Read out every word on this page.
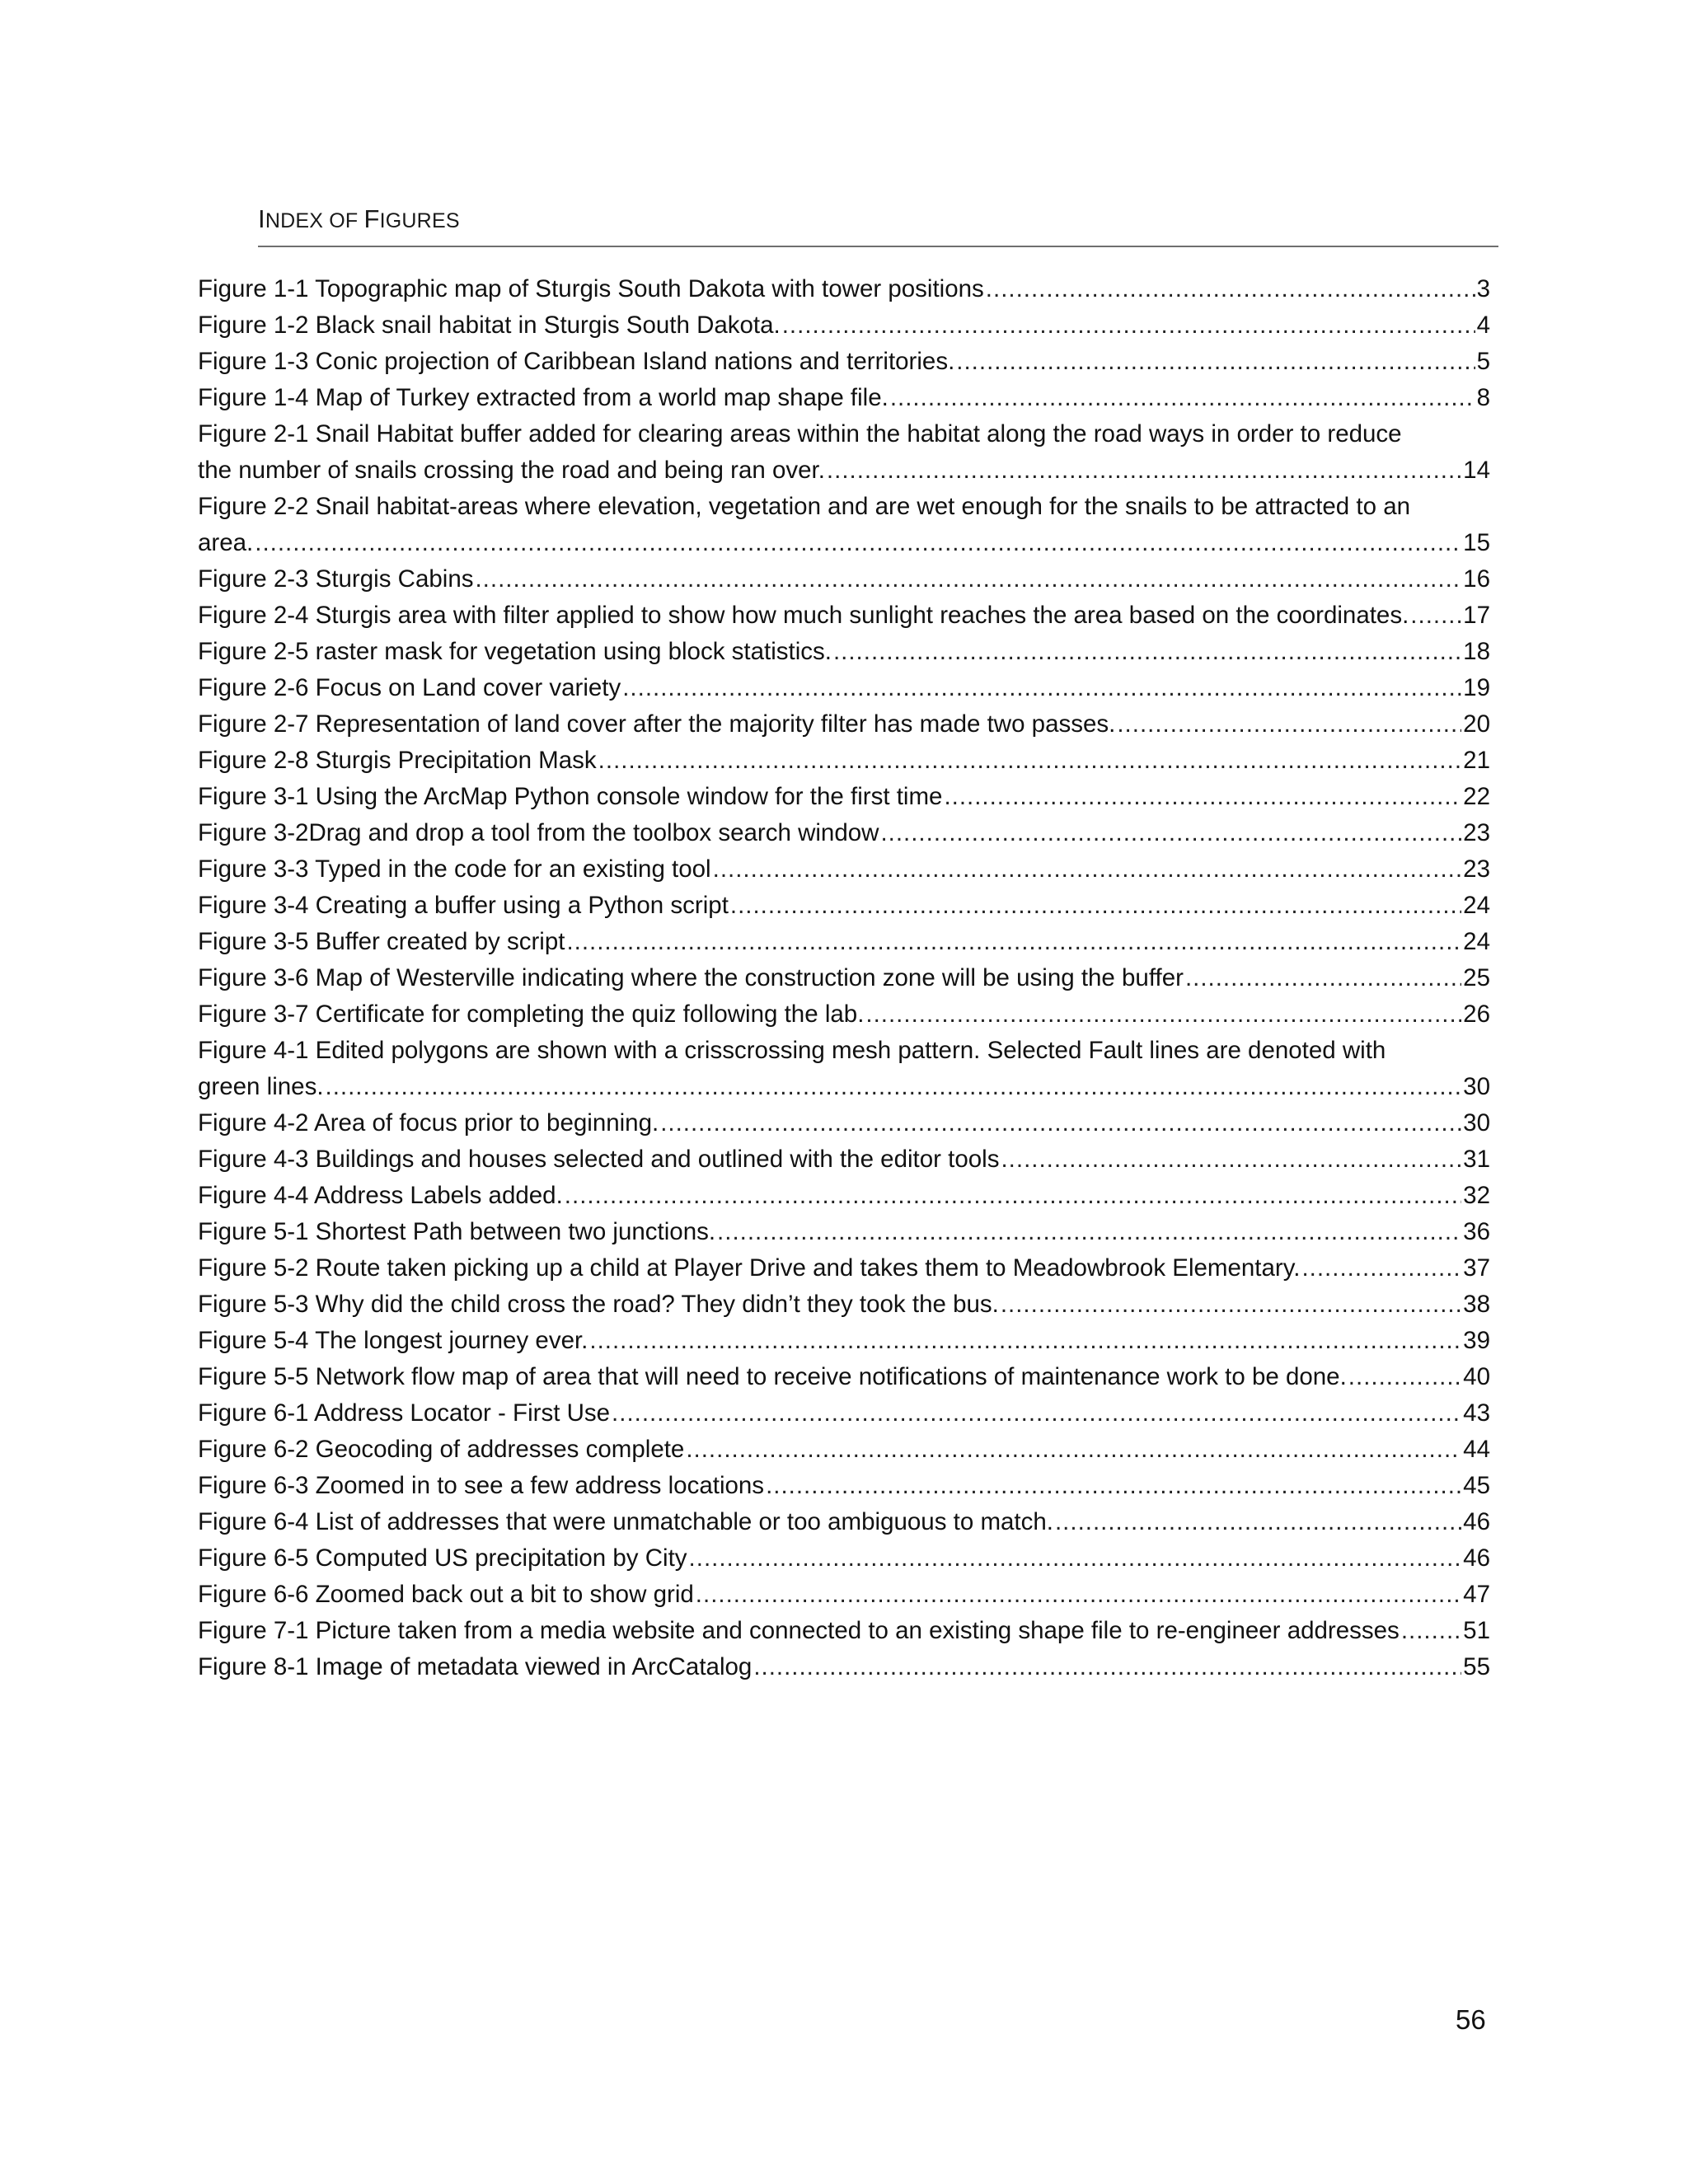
INDEX OF FIGURES
Figure 1-1 Topographic map of Sturgis South Dakota with tower positions .....	3
Figure 1-2 Black snail habitat in Sturgis South Dakota. .....	4
Figure 1-3 Conic projection of Caribbean Island nations and territories. .....	5
Figure 1-4 Map of Turkey extracted from a world map shape file. .....	8
Figure 2-1 Snail Habitat buffer added for clearing areas within the habitat along the road ways in order to reduce
the number of snails crossing the road and being ran over. .....	14
Figure 2-2 Snail habitat-areas where elevation, vegetation and are wet enough for the snails to be attracted to an
area. .....	15
Figure 2-3 Sturgis Cabins .....	16
Figure 2-4 Sturgis area with filter applied to show how much sunlight reaches the area based on the coordinates. ..... 17
Figure 2-5 raster mask for vegetation using block statistics. .....	18
Figure 2-6 Focus on Land cover variety .....	19
Figure 2-7 Representation of land cover after the majority filter has made two passes. .....	20
Figure 2-8 Sturgis Precipitation Mask .....	21
Figure 3-1 Using the ArcMap Python console window for the first time .....	22
Figure 3-2Drag and drop a tool from the toolbox search window .....	23
Figure 3-3 Typed in the code for an existing tool .....	23
Figure 3-4 Creating a buffer using a Python script .....	24
Figure 3-5 Buffer created by script .....	24
Figure 3-6 Map of Westerville indicating where the construction zone will be using the buffer .....	25
Figure 3-7 Certificate for completing the quiz following the lab. .....	26
Figure 4-1 Edited polygons are shown with a crisscrossing mesh pattern. Selected Fault lines are denoted with
green lines. .....	30
Figure 4-2 Area of focus prior to beginning. .....	30
Figure 4-3 Buildings and houses selected and outlined with the editor tools .....	31
Figure 4-4 Address Labels added. .....	32
Figure 5-1 Shortest Path between two junctions. .....	36
Figure 5-2 Route taken picking up a child at Player Drive and takes them to Meadowbrook Elementary. .....	37
Figure 5-3 Why did the child cross the road? They didn’t they took the bus. .....	38
Figure 5-4 The longest journey ever. .....	39
Figure 5-5 Network flow map of area that will need to receive notifications of maintenance work to be done. .....	40
Figure 6-1 Address Locator - First Use .....	43
Figure 6-2 Geocoding of addresses complete .....	44
Figure 6-3 Zoomed in to see a few address locations .....	45
Figure 6-4 List of addresses that were unmatchable or too ambiguous to match. .....	46
Figure 6-5 Computed US precipitation by City .....	46
Figure 6-6 Zoomed back out a bit to show grid .....	47
Figure 7-1 Picture taken from a media website and connected to an existing shape file to re-engineer addresses .....	51
Figure 8-1 Image of metadata viewed in ArcCatalog .....	55
56
